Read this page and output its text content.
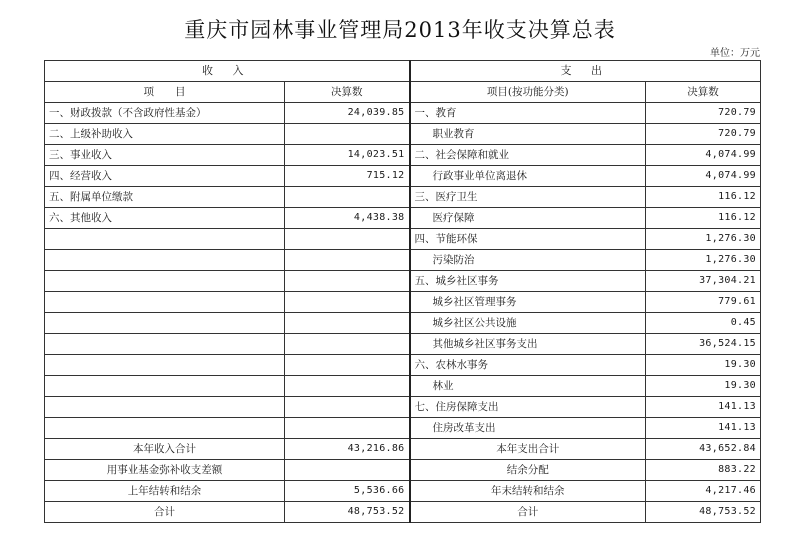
重庆市园林事业管理局2013年收支决算总表
单位：万元
收 入		支 出	
项　　目	决算数	项目(按功能分类)	决算数
一、财政拨款（不含政府性基金）	24,039.85	一、教育	720.79
二、上级补助收入		职业教育	720.79
三、事业收入	14,023.51	二、社会保障和就业	4,074.99
四、经营收入	715.12	行政事业单位离退休	4,074.99
五、附属单位缴款		三、医疗卫生	116.12
六、其他收入	4,438.38	医疗保障	116.12
		四、节能环保	1,276.30
		污染防治	1,276.30
		五、城乡社区事务	37,304.21
		城乡社区管理事务	779.61
		城乡社区公共设施	0.45
		其他城乡社区事务支出	36,524.15
		六、农林水事务	19.30
		林业	19.30
		七、住房保障支出	141.13
		住房改革支出	141.13
本年收入合计	43,216.86	本年支出合计	43,652.84
用事业基金弥补收支差额		结余分配	883.22
上年结转和结余	5,536.66	年末结转和结余	4,217.46
合计	48,753.52	合计	48,753.52
